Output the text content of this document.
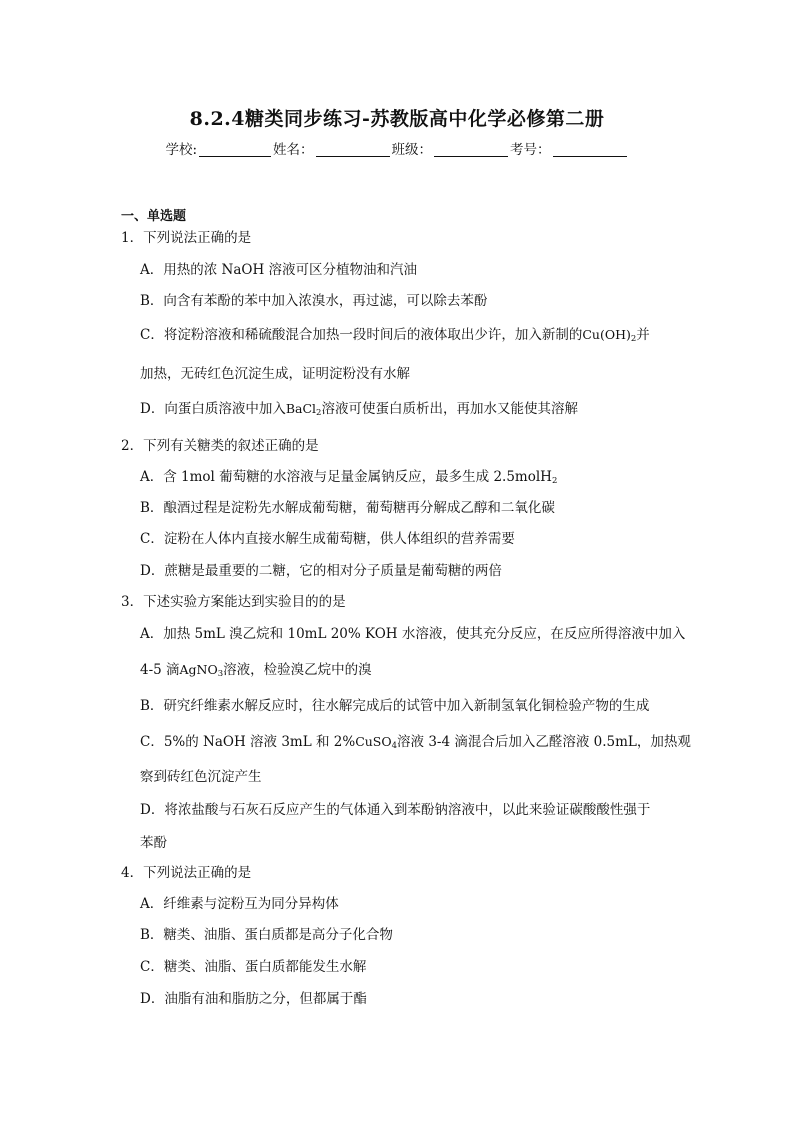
8.2.4糖类同步练习-苏教版高中化学必修第二册
学校:	姓名：	班级：	考号：
一、单选题
1．下列说法正确的是
A．用热的浓 NaOH 溶液可区分植物油和汽油
B．向含有苯酚的苯中加入浓溴水，再过滤，可以除去苯酚
C．将淀粉溶液和稀硫酸混合加热一段时间后的液体取出少许，加入新制的$Cu(OH)_2$并
加热，无砖红色沉淀生成，证明淀粉没有水解
D．向蛋白质溶液中加入BaCl$_2$溶液可使蛋白质析出，再加水又能使其溶解
2．下列有关糖类的叙述正确的是
A．含 1mol 葡萄糖的水溶液与足量金属钠反应，最多生成 2.5molH$_2$
B．酿酒过程是淀粉先水解成葡萄糖，葡萄糖再分解成乙醇和二氧化碳
C．淀粉在人体内直接水解生成葡萄糖，供人体组织的营养需要
D．蔗糖是最重要的二糖，它的相对分子质量是葡萄糖的两倍
3．下述实验方案能达到实验目的的是
A．加热 5mL 溴乙烷和 10mL 20% KOH 水溶液，使其充分反应，在反应所得溶液中加入
4-5 滴AgNO$_3$溶液，检验溴乙烷中的溴
B．研究纤维素水解反应时，往水解完成后的试管中加入新制氢氧化铜检验产物的生成
C．5%的 NaOH 溶液 3mL 和 2%CuSO$_4$溶液 3-4 滴混合后加入乙醛溶液 0.5mL，加热观
察到砖红色沉淀产生
D．将浓盐酸与石灰石反应产生的气体通入到苯酚钠溶液中，以此来验证碳酸酸性强于
苯酚
4．下列说法正确的是
A．纤维素与淀粉互为同分异构体
B．糖类、油脂、蛋白质都是高分子化合物
C．糖类、油脂、蛋白质都能发生水解
D．油脂有油和脂肪之分，但都属于酯
